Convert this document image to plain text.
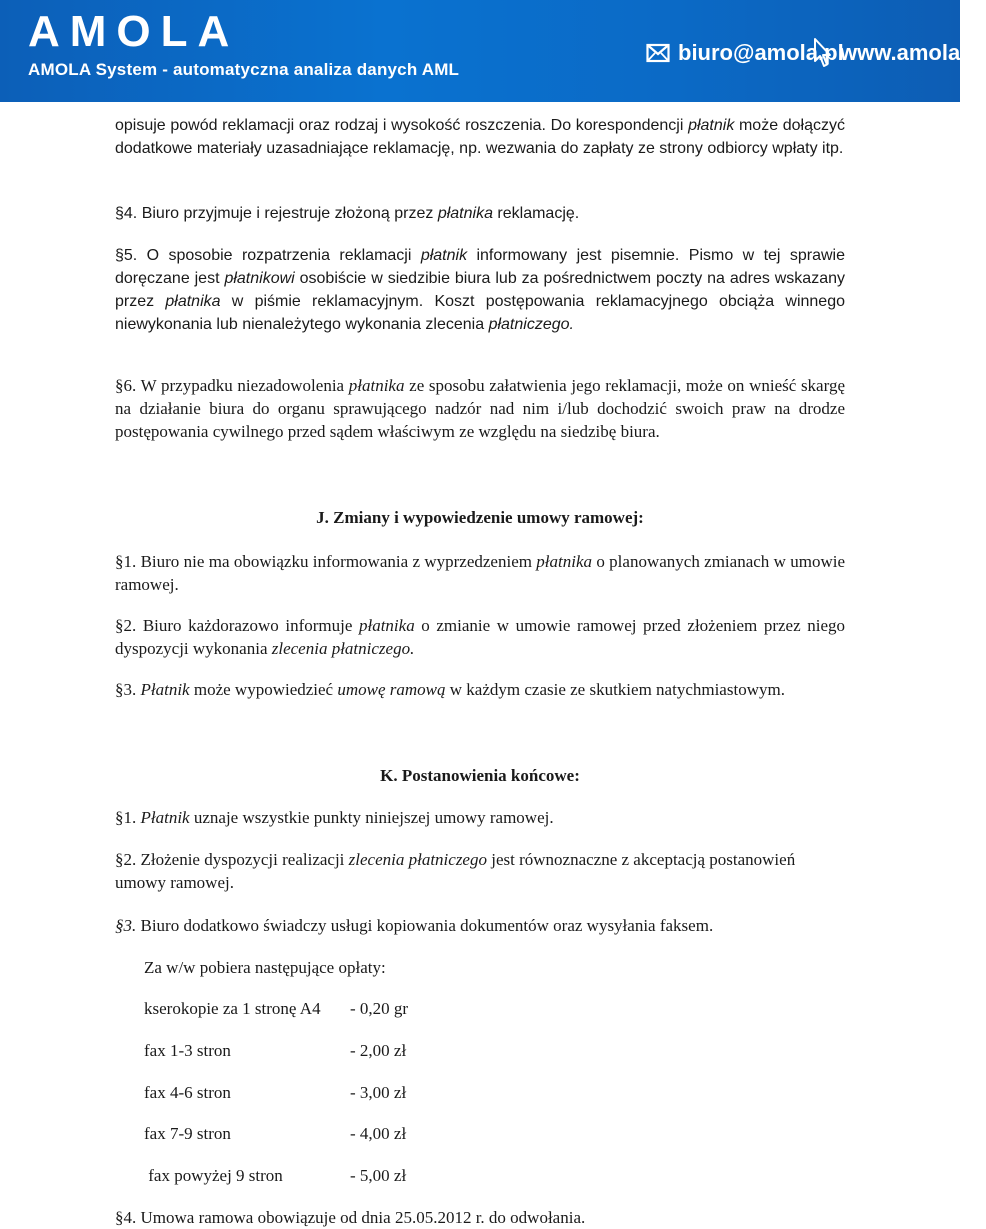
AMOLA
AMOLA System - automatyczna analiza danych AML
biuro@amola.pl
www.amola.pl

opisuje powód reklamacji oraz rodzaj i wysokość roszczenia. Do korespondencji płatnik może dołączyć dodatkowe materiały uzasadniające reklamację, np. wezwania do zapłaty ze strony odbiorcy wpłaty itp.

§4. Biuro przyjmuje i rejestruje złożoną przez płatnika reklamację.

§5. O sposobie rozpatrzenia reklamacji płatnik informowany jest pisemnie. Pismo w tej sprawie doręczane jest płatnikowi osobiście w siedzibie biura lub za pośrednictwem poczty na adres wskazany przez płatnika w piśmie reklamacyjnym. Koszt postępowania reklamacyjnego obciąża winnego niewykonania lub nienależytego wykonania zlecenia płatniczego.

§6. W przypadku niezadowolenia płatnika ze sposobu załatwienia jego reklamacji, może on wnieść skargę na działanie biura do organu sprawującego nadzór nad nim i/lub dochodzić swoich praw na drodze postępowania cywilnego przed sądem właściwym ze względu na siedzibę biura.

J. Zmiany i wypowiedzenie umowy ramowej:

§1. Biuro nie ma obowiązku informowania z wyprzedzeniem płatnika o planowanych zmianach w umowie ramowej.

§2. Biuro każdorazowo informuje płatnika o zmianie w umowie ramowej przed złożeniem przez niego dyspozycji wykonania zlecenia płatniczego.

§3. Płatnik może wypowiedzieć umowę ramową w każdym czasie ze skutkiem natychmiastowym.

K. Postanowienia końcowe:

§1. Płatnik uznaje wszystkie punkty niniejszej umowy ramowej.

§2. Złożenie dyspozycji realizacji zlecenia płatniczego jest równoznaczne z akceptacją postanowień umowy ramowej.

§3. Biuro dodatkowo świadczy usługi kopiowania dokumentów oraz wysyłania faksem.

Za w/w pobiera następujące opłaty:

kserokopie za 1 stronę A4 - 0,20 gr
fax 1-3 stron	- 2,00 zł
fax 4-6 stron	- 3,00 zł
fax 7-9 stron	- 4,00 zł
fax powyżej 9 stron	- 5,00 zł

§4. Umowa ramowa obowiązuje od dnia 25.05.2012 r. do odwołania.
